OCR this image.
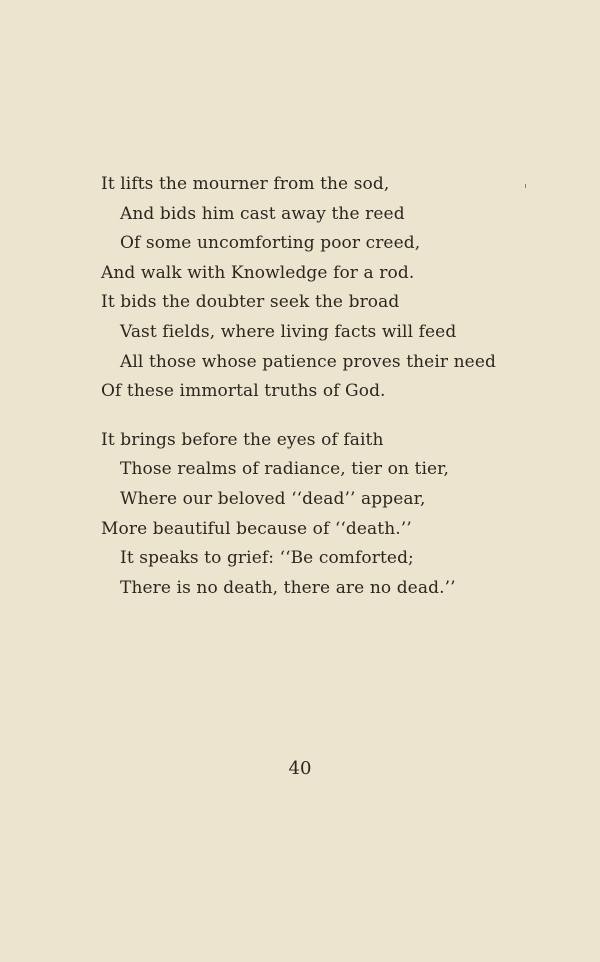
It lifts the mourner from the sod,
And bids him cast away the reed
Of some uncomforting poor creed,
And walk with Knowledge for a rod.
It bids the doubter seek the broad
Vast fields, where living facts will feed
All those whose patience proves their need
Of these immortal truths of God.
It brings before the eyes of faith
Those realms of radiance, tier on tier,
Where our beloved ‘‘dead’’ appear,
More beautiful because of ‘‘death.’’
It speaks to grief: ‘‘Be comforted;
There is no death, there are no dead.’’
40
